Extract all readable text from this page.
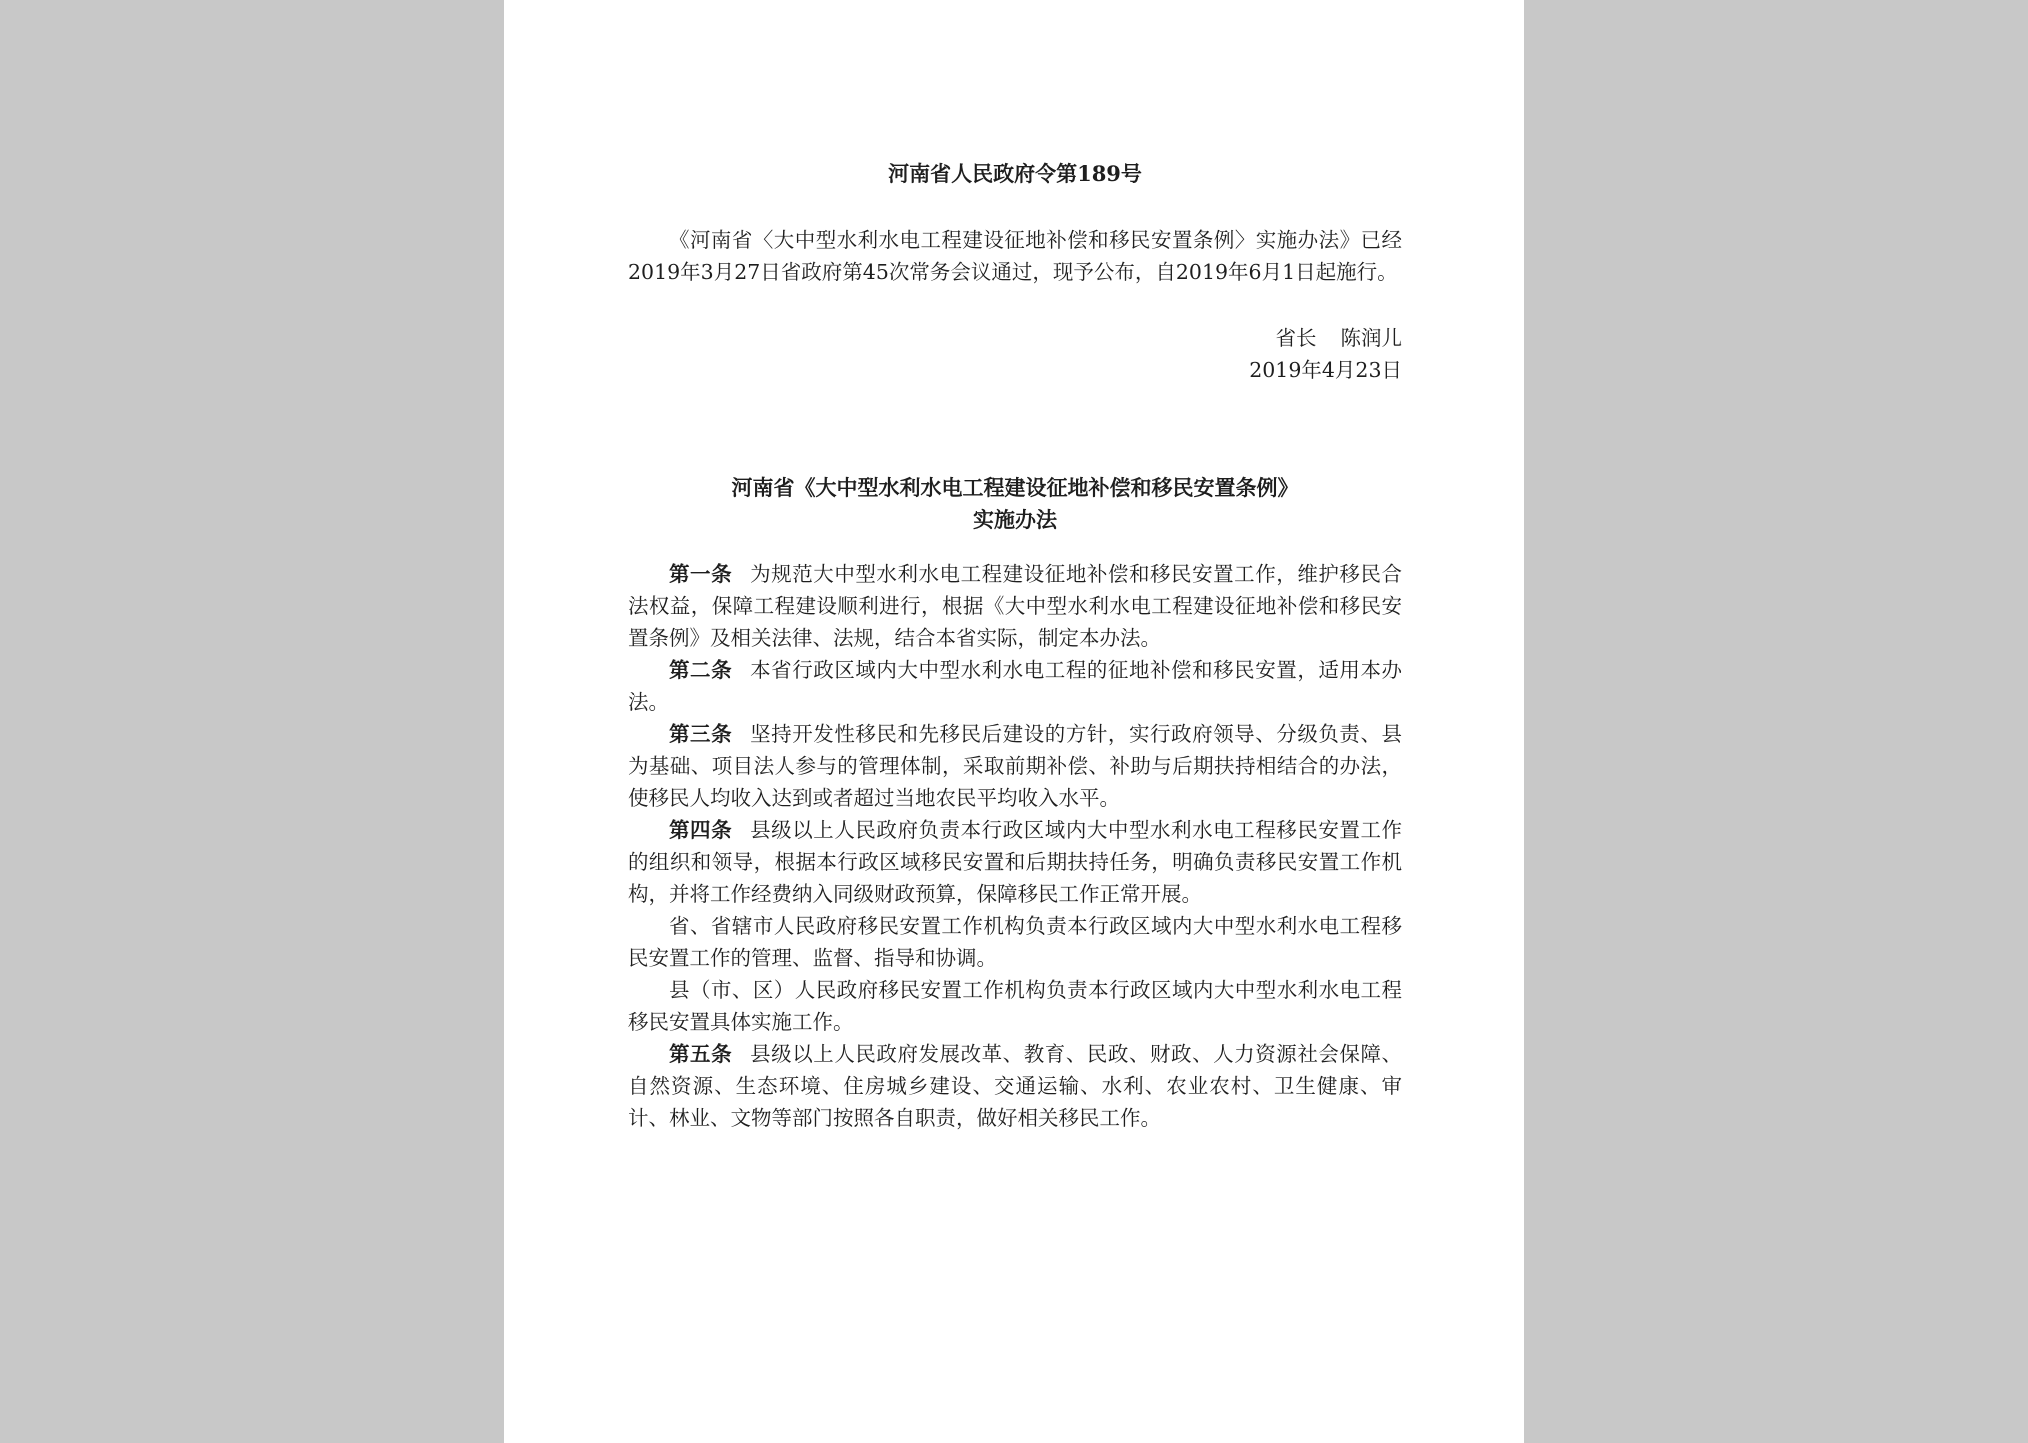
河南省人民政府令第189号

《河南省〈大中型水利水电工程建设征地补偿和移民安置条例〉实施办法》已经2019年3月27日省政府第45次常务会议通过，现予公布，自2019年6月1日起施行。

省长 陈润儿
2019年4月23日
河南省《大中型水利水电工程建设征地补偿和移民安置条例》
实施办法

第一条 为规范大中型水利水电工程建设征地补偿和移民安置工作，维护移民合法权益，保障工程建设顺利进行，根据《大中型水利水电工程建设征地补偿和移民安置条例》及相关法律、法规，结合本省实际，制定本办法。

第二条 本省行政区域内大中型水利水电工程的征地补偿和移民安置，适用本办法。

第三条 坚持开发性移民和先移民后建设的方针，实行政府领导、分级负责、县为基础、项目法人参与的管理体制，采取前期补偿、补助与后期扶持相结合的办法，使移民人均收入达到或者超过当地农民平均收入水平。

第四条 县级以上人民政府负责本行政区域内大中型水利水电工程移民安置工作的组织和领导，根据本行政区域移民安置和后期扶持任务，明确负责移民安置工作机构，并将工作经费纳入同级财政预算，保障移民工作正常开展。

省、省辖市人民政府移民安置工作机构负责本行政区域内大中型水利水电工程移民安置工作的管理、监督、指导和协调。

县（市、区）人民政府移民安置工作机构负责本行政区域内大中型水利水电工程移民安置具体实施工作。

第五条 县级以上人民政府发展改革、教育、民政、财政、人力资源社会保障、自然资源、生态环境、住房城乡建设、交通运输、水利、农业农村、卫生健康、审计、林业、文物等部门按照各自职责，做好相关移民工作。
